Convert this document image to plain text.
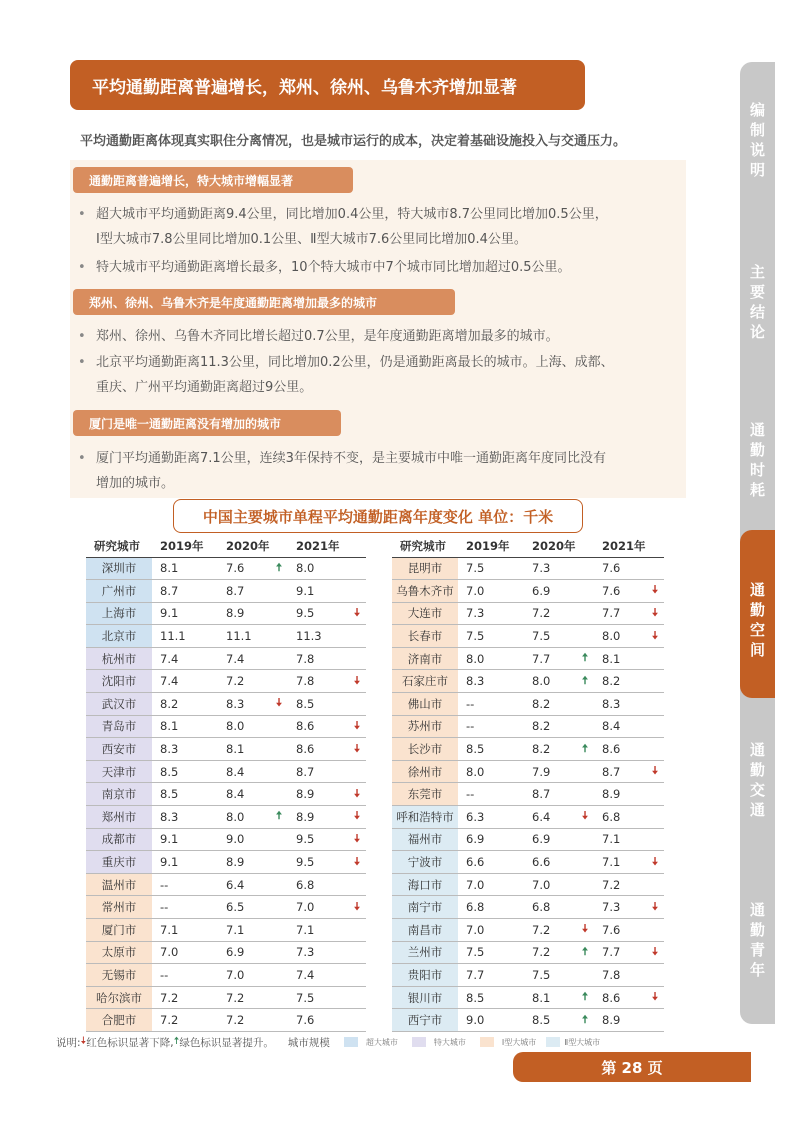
平均通勤距离普遍增长，郑州、徐州、乌鲁木齐增加显著
平均通勤距离体现真实职住分离情况，也是城市运行的成本，决定着基础设施投入与交通压力。
通勤距离普遍增长，特大城市增幅显著
• 超大城市平均通勤距离9.4公里，同比增加0.4公里，特大城市8.7公里同比增加0.5公里，
Ⅰ型大城市7.8公里同比增加0.1公里、Ⅱ型大城市7.6公里同比增加0.4公里。
• 特大城市平均通勤距离增长最多，10个特大城市中7个城市同比增加超过0.5公里。
郑州、徐州、乌鲁木齐是年度通勤距离增加最多的城市
• 郑州、徐州、乌鲁木齐同比增长超过0.7公里，是年度通勤距离增加最多的城市。
• 北京平均通勤距离11.3公里，同比增加0.2公里，仍是通勤距离最长的城市。上海、成都、
重庆、广州平均通勤距离超过9公里。
厦门是唯一通勤距离没有增加的城市
• 厦门平均通勤距离7.1公里，连续3年保持不变，是主要城市中唯一通勤距离年度同比没有
增加的城市。
中国主要城市单程平均通勤距离年度变化 单位：千米
研究城市	2019年	2020年		2021年	
深圳市	8.1	7.6	🠅	8.0	
广州市	8.7	8.7		9.1	
上海市	9.1	8.9		9.5	🠇
北京市	11.1	11.1		11.3	
杭州市	7.4	7.4		7.8	
沈阳市	7.4	7.2		7.8	🠇
武汉市	8.2	8.3	🠇	8.5	
青岛市	8.1	8.0		8.6	🠇
西安市	8.3	8.1		8.6	🠇
天津市	8.5	8.4		8.7	
南京市	8.5	8.4		8.9	🠇
郑州市	8.3	8.0	🠅	8.9	🠇
成都市	9.1	9.0		9.5	🠇
重庆市	9.1	8.9		9.5	🠇
温州市	--	6.4		6.8	
常州市	--	6.5		7.0	🠇
厦门市	7.1	7.1		7.1	
太原市	7.0	6.9		7.3	
无锡市	--	7.0		7.4	
哈尔滨市	7.2	7.2		7.5	
合肥市	7.2	7.2		7.6	
研究城市	2019年	2020年		2021年	
昆明市	7.5	7.3		7.6	
乌鲁木齐市	7.0	6.9		7.6	🠇
大连市	7.3	7.2		7.7	🠇
长春市	7.5	7.5		8.0	🠇
济南市	8.0	7.7	🠅	8.1	
石家庄市	8.3	8.0	🠅	8.2	
佛山市	--	8.2		8.3	
苏州市	--	8.2		8.4	
长沙市	8.5	8.2	🠅	8.6	
徐州市	8.0	7.9		8.7	🠇
东莞市	--	8.7		8.9	
呼和浩特市	6.3	6.4	🠇	6.8	
福州市	6.9	6.9		7.1	
宁波市	6.6	6.6		7.1	🠇
海口市	7.0	7.0		7.2	
南宁市	6.8	6.8		7.3	🠇
南昌市	7.0	7.2	🠇	7.6	
兰州市	7.5	7.2	🠅	7.7	🠇
贵阳市	7.7	7.5		7.8	
银川市	8.5	8.1	🠅	8.6	🠇
西宁市	9.0	8.5	🠅	8.9	
说明: 🠇 红色标识显著下降, 🠅 绿色标识显著提升。 城市规模	超大城市	特大城市	Ⅰ型大城市	Ⅱ型大城市
第 28 页
编制说明
主要结论
通勤时耗
通勤空间
通勤交通
通勤青年
